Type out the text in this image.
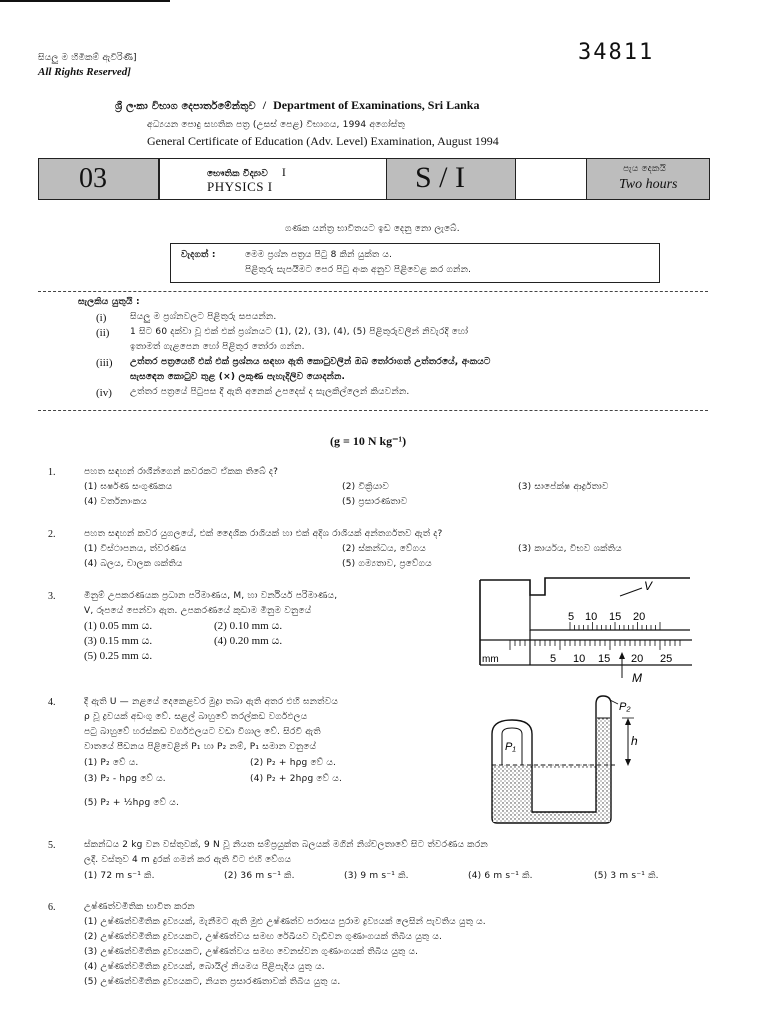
සියලු ම හිමිකම් ඇවිරිණි]
All Rights Reserved]
34811
ශ්‍රී ලංකා විභාග දෙපාර්තමේන්තුව / Department of Examinations, Sri Lanka
අධ්‍යයන පොදු සහතික පත්‍ර (උසස් පෙළ) විභාගය, 1994 අගෝස්තු
General Certificate of Education (Adv. Level) Examination, August 1994
03	භෞතික විද්‍යාව I
PHYSICS I	S / I	පැය දෙකයි
Two hours
ගණක යන්ත්‍ර භාවිතයට ඉඩ දෙනු නො ලැබේ.
වැදගත් :	මෙම ප්‍රශ්න පත්‍රය පිටු 8 කින් යුක්ත ය.
පිළිතුරු සැපයීමට පෙර පිටු අංක අනුව පිළිවෙළ කර ගන්න.
සැලකිය යුතුයි :
(i)	සියලු ම ප්‍රශ්නවලට පිළිතුරු සපයන්න.
(ii)	1 සිට 60 දක්වා වූ එක් එක් ප්‍රශ්නයට (1), (2), (3), (4), (5) පිළිතුරුවලින් නිවැරදි හෝ
ඉතාමත් ගැළපෙන හෝ පිළිතුර තෝරා ගන්න.
(iii)	උත්තර පත්‍රයෙහි එක් එක් ප්‍රශ්නය සඳහා ඇති කොටුවලින් ඔබ තෝරාගත් උත්තරයේ, අංකයට
සැසඳෙන කොටුව තුළ (×) ලකුණ පැහැදිලිව යොදන්න.
(iv)	උත්තර පත්‍රයේ පිටුපස දී ඇති අනෙක් උපදෙස් ද සැලකිල්ලෙන් කියවන්න.
(g = 10 N kg⁻¹)
1.	පහත සඳහන් රාශීන්ගෙන් කවරකට ඒකක තිබේ ද?
(1) ඝර්ෂණ සංගුණකය	(2) වික්‍රියාව	(3) සාපේක්ෂ ආර්ද්‍රතාව
(4) වර්තනාංකය	(5) ප්‍රසාරණතාව
2.	පහත සඳහන් කවර යුගලයේ, එක් දෛශික රාශියක් හා එක් අදිශ රාශියක් අන්තර්ගතව ඇත් ද?
(1) විස්ථාපනය, ත්වරණය	(2) ස්කන්ධය, වේගය	(3) කාර්යය, විභව ශක්තිය
(4) බලය, චාලක ශක්තිය	(5) ගම්‍යතාව, ප්‍රවේගය
3.	මිනුම් උපකරණයක ප්‍රධාන පරිමාණය, M, හා වර්නියර් පරිමාණය,
V, රූපයේ පෙන්වා ඇත. උපකරණයේ කුඩාම මිනුම වනුයේ
(1) 0.05 mm ය.	(2) 0.10 mm ය.
(3) 0.15 mm ය.	(4) 0.20 mm ය.
(5) 0.25 mm ය.
5 10 15 20
mm	5 10 15 20 25
V
M
4.	දී ඇති U — නළයේ දෙකෙළවර මුද්‍රා තබා ඇති අතර එහි ඝනත්වය
ρ වූ ද්‍රවයක් අඩංගු වේ. සළල් බාහුවේ තරල්කඩ වර්ගඵලය
පටු බාහුවේ හරස්කඩ වර්ගඵලයට වඩා විශාල වේ. සිරවී ඇති
වාතයේ පීඩනය පිළිවෙළින් P₁ හා P₂ නම්, P₁ සමාන වනුයේ
(1) P₂ වේ ය.	(2) P₂ + hρg වේ ය.
(3) P₂ - hρg වේ ය.	(4) P₂ + 2hρg වේ ය.
(5) P₂ + ½hρg වේ ය.
P₁
P₂
h
5.	ස්කන්ධය 2 kg වන වස්තුවක්, 9 N වූ නියත සම්ප්‍රයුක්ත බලයක් මගින් නිශ්චලතාවේ සිට ත්වරණය කරන
ලදී. වස්තුව 4 m දුරක් ගමන් කර ඇති විට එහි වේගය
(1) 72 m s⁻¹ කි.	(2) 36 m s⁻¹ කි.	(3) 9 m s⁻¹ කි.	(4) 6 m s⁻¹ කි.	(5) 3 m s⁻¹ කි.
6.	උෂ්ණත්වමිතික භාවිත කරන
(1) උෂ්ණත්වමිතික ද්‍රව්‍යයක්, මැනීමට ඇති මුළු උෂ්ණත්ව පරාසය පුරාම ද්‍රව්‍යයක් ලෙසින් පැවතිය යුතු ය.
(2) උෂ්ණත්වමිතික ද්‍රව්‍යයකට, උෂ්ණත්වය සමඟ රේඛීයව වැඩිවන ගුණාංගයක් තිබිය යුතු ය.
(3) උෂ්ණත්වමිතික ද්‍රව්‍යයකට, උෂ්ණත්වය සමඟ වෙනස්වන ගුණාංගයක් තිබිය යුතු ය.
(4) උෂ්ණත්වමිතික ද්‍රව්‍යයක්, බොයිල් නියමය පිළිපැදිය යුතු ය.
(5) උෂ්ණත්වමිතික ද්‍රව්‍යයකට, නියත ප්‍රසාරණතාවක් තිබිය යුතු ය.
